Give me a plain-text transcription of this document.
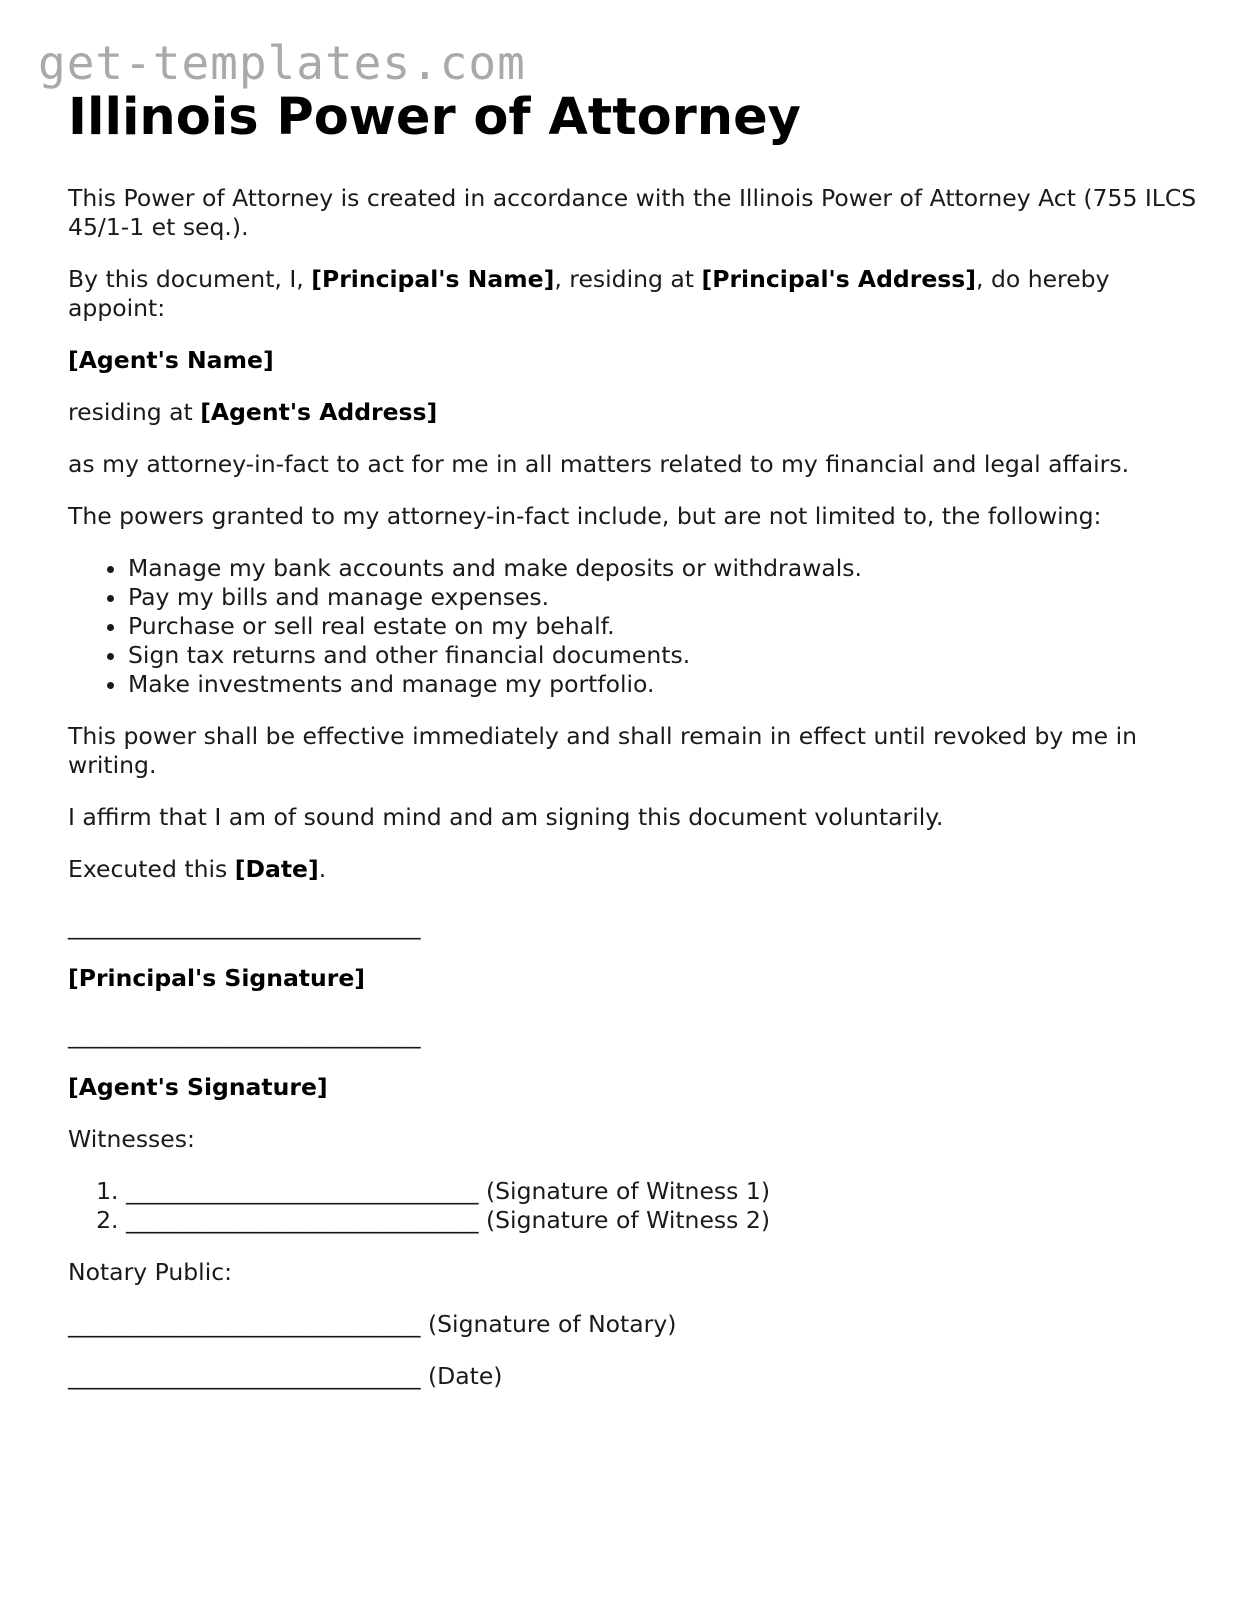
get-templates.com
Illinois Power of Attorney

This Power of Attorney is created in accordance with the Illinois Power of Attorney Act (755 ILCS 45/1-1 et seq.).

By this document, I, [Principal's Name], residing at [Principal's Address], do hereby appoint:

[Agent's Name]

residing at [Agent's Address]

as my attorney-in-fact to act for me in all matters related to my financial and legal affairs.

The powers granted to my attorney-in-fact include, but are not limited to, the following:

• Manage my bank accounts and make deposits or withdrawals.
• Pay my bills and manage expenses.
• Purchase or sell real estate on my behalf.
• Sign tax returns and other financial documents.
• Make investments and manage my portfolio.

This power shall be effective immediately and shall remain in effect until revoked by me in writing.

I affirm that I am of sound mind and am signing this document voluntarily.

Executed this [Date].

______________________________

[Principal's Signature]

______________________________

[Agent's Signature]

Witnesses:

1. ______________________________ (Signature of Witness 1)
2. ______________________________ (Signature of Witness 2)

Notary Public:

______________________________ (Signature of Notary)

______________________________ (Date)
